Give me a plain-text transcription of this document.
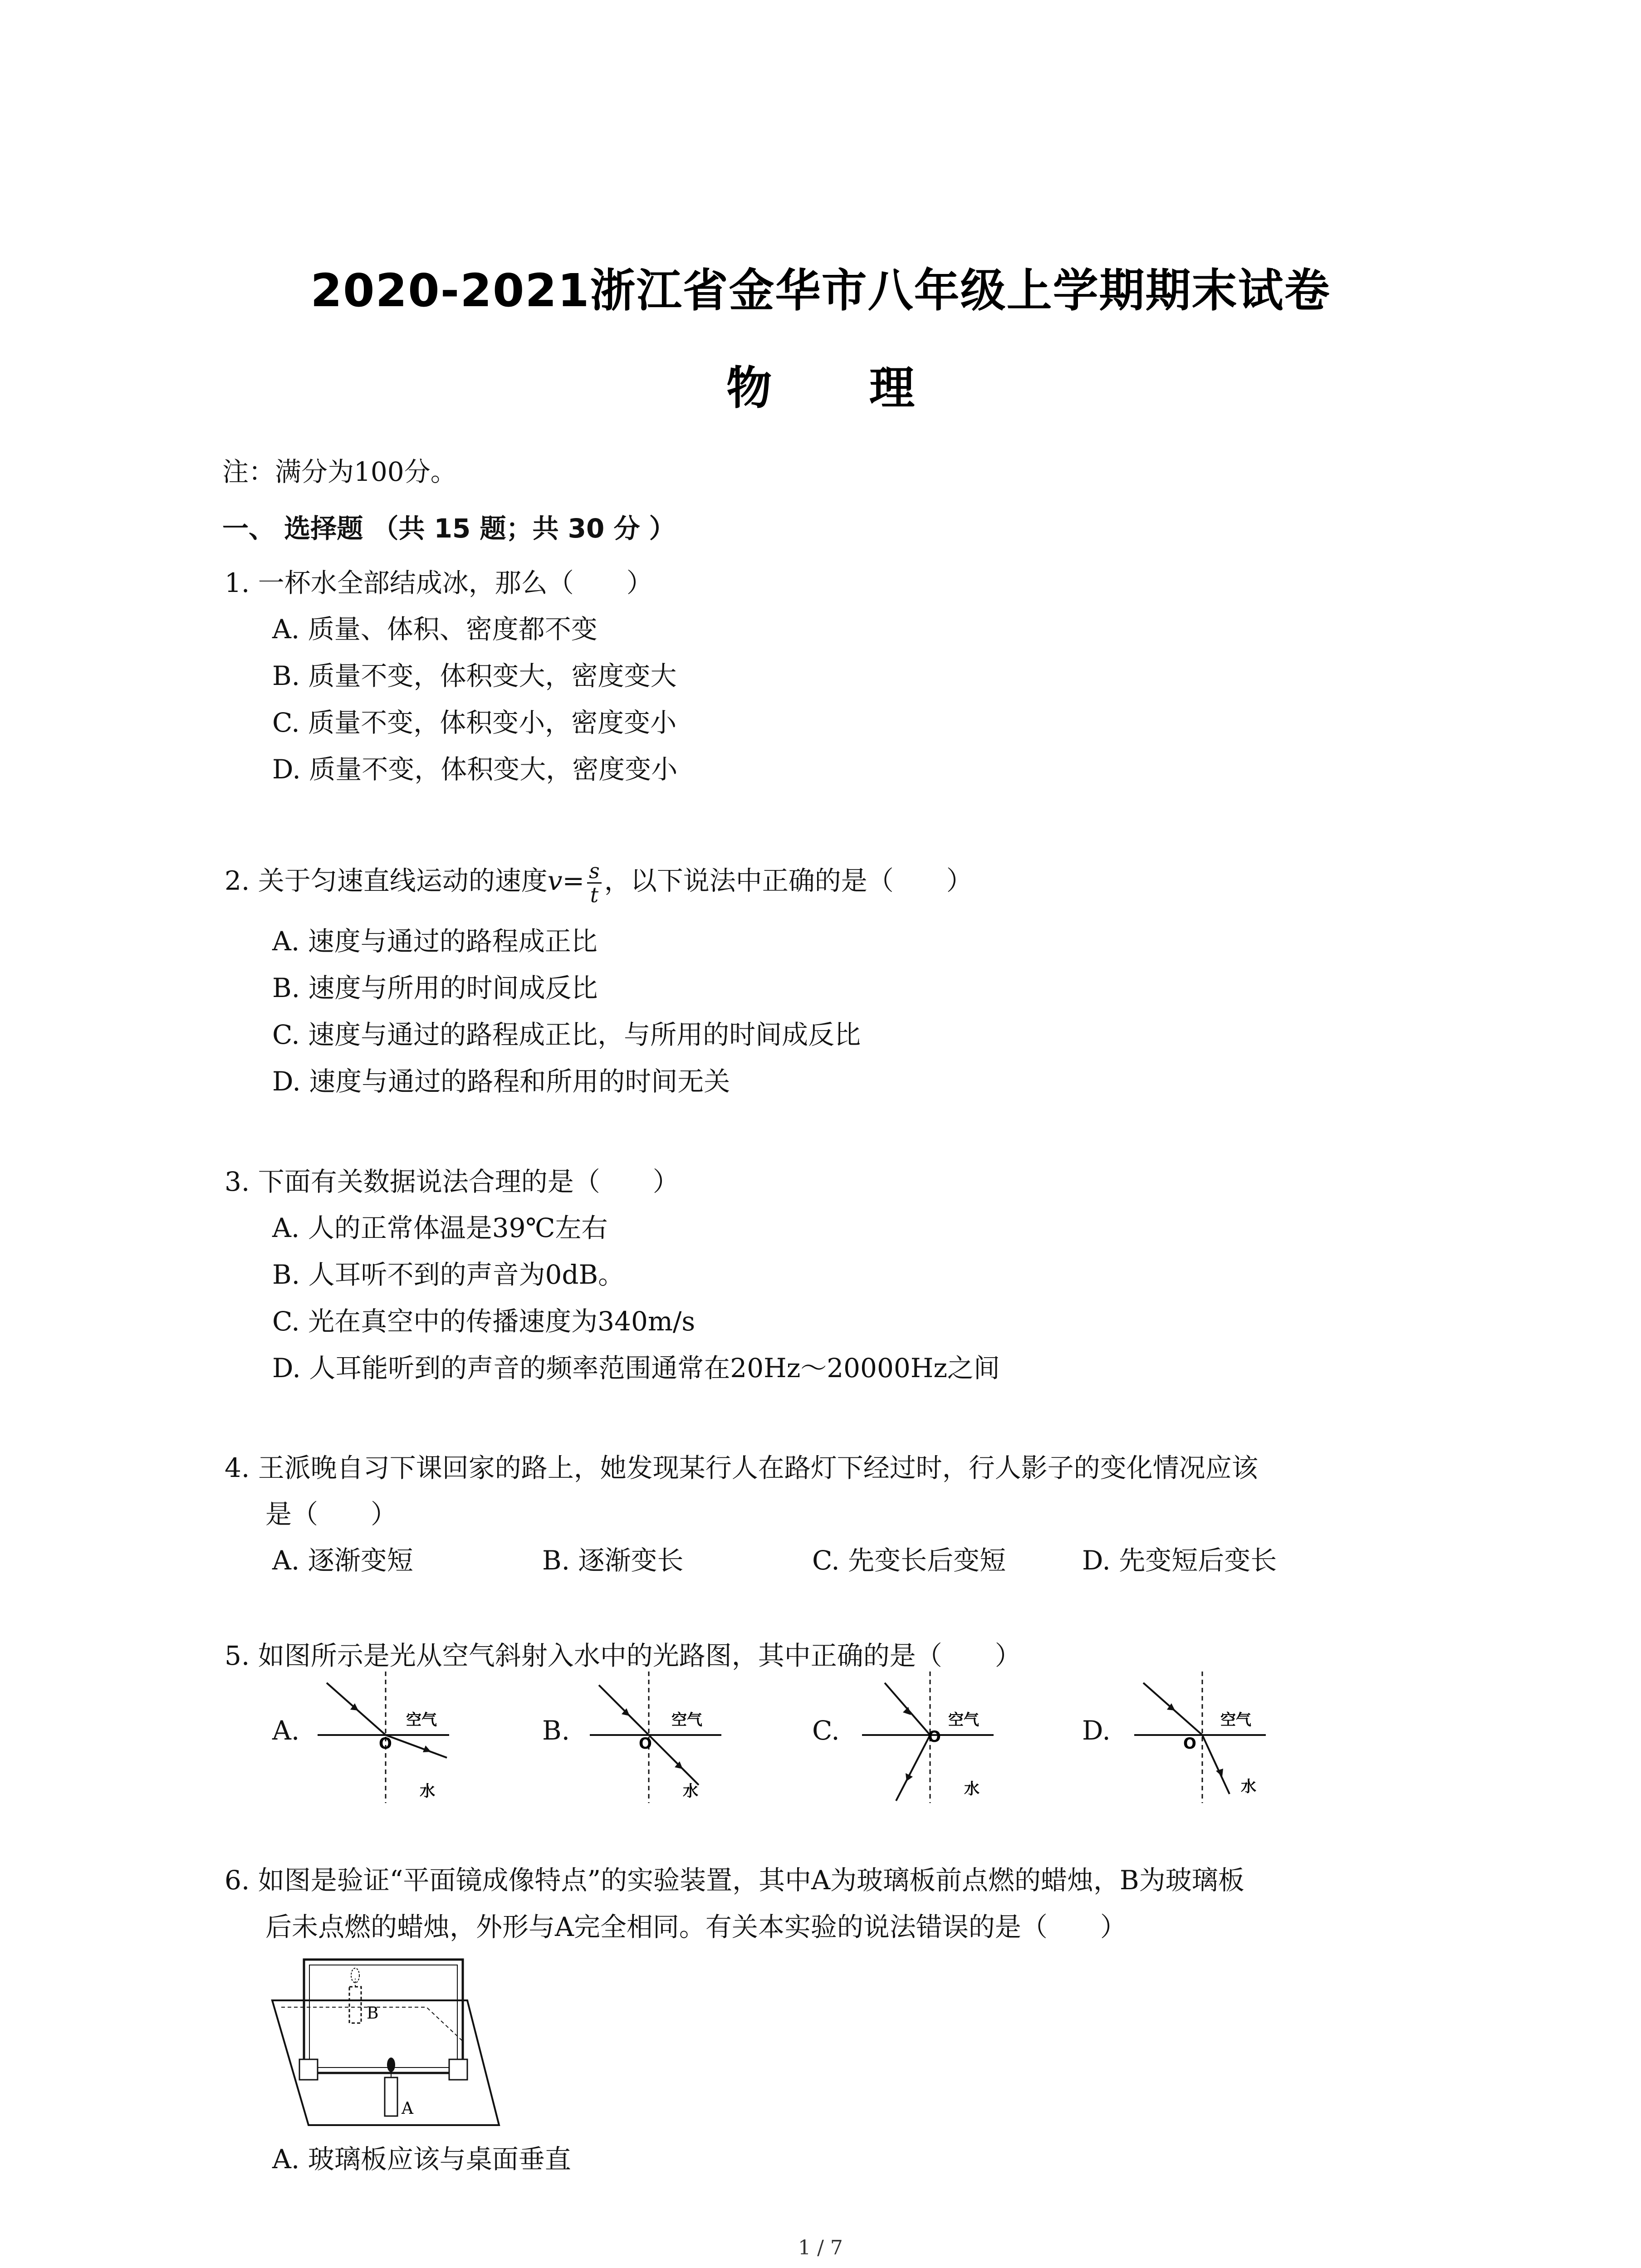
2020-2021浙江省金华市八年级上学期期末试卷
物 理
注：满分为100分。
一、 选择题 （共 15 题；共 30 分 ）
1. 一杯水全部结成冰，那么（　　）
A. 质量、体积、密度都不变
B. 质量不变，体积变大，密度变大
C. 质量不变，体积变小，密度变小
D. 质量不变，体积变大，密度变小
2. 关于匀速直线运动的速度$v= \frac{s}{t}$ ，以下说法中正确的是（　　）
A. 速度与通过的路程成正比
B. 速度与所用的时间成反比
C. 速度与通过的路程成正比，与所用的时间成反比
D. 速度与通过的路程和所用的时间无关
3. 下面有关数据说法合理的是（　　）
A. 人的正常体温是39℃左右
B. 人耳听不到的声音为0dB。
C. 光在真空中的传播速度为340m/s
D. 人耳能听到的声音的频率范围通常在20Hz～20000Hz之间
4. 王派晚自习下课回家的路上，她发现某行人在路灯下经过时，行人影子的变化情况应该
是（　　）
A. 逐渐变短	B. 逐渐变长	C. 先变长后变短	D. 先变短后变长
5. 如图所示是光从空气斜射入水中的光路图，其中正确的是（　　）
A.	O
空气
水
B.	O
空气
水
C.	O
空气
水
D.	O
空气
水
6. 如图是验证“平面镜成像特点”的实验装置，其中A为玻璃板前点燃的蜡烛，B为玻璃板
后未点燃的蜡烛，外形与A完全相同。有关本实验的说法错误的是（　　）
B
A
A. 玻璃板应该与桌面垂直
1 / 7
